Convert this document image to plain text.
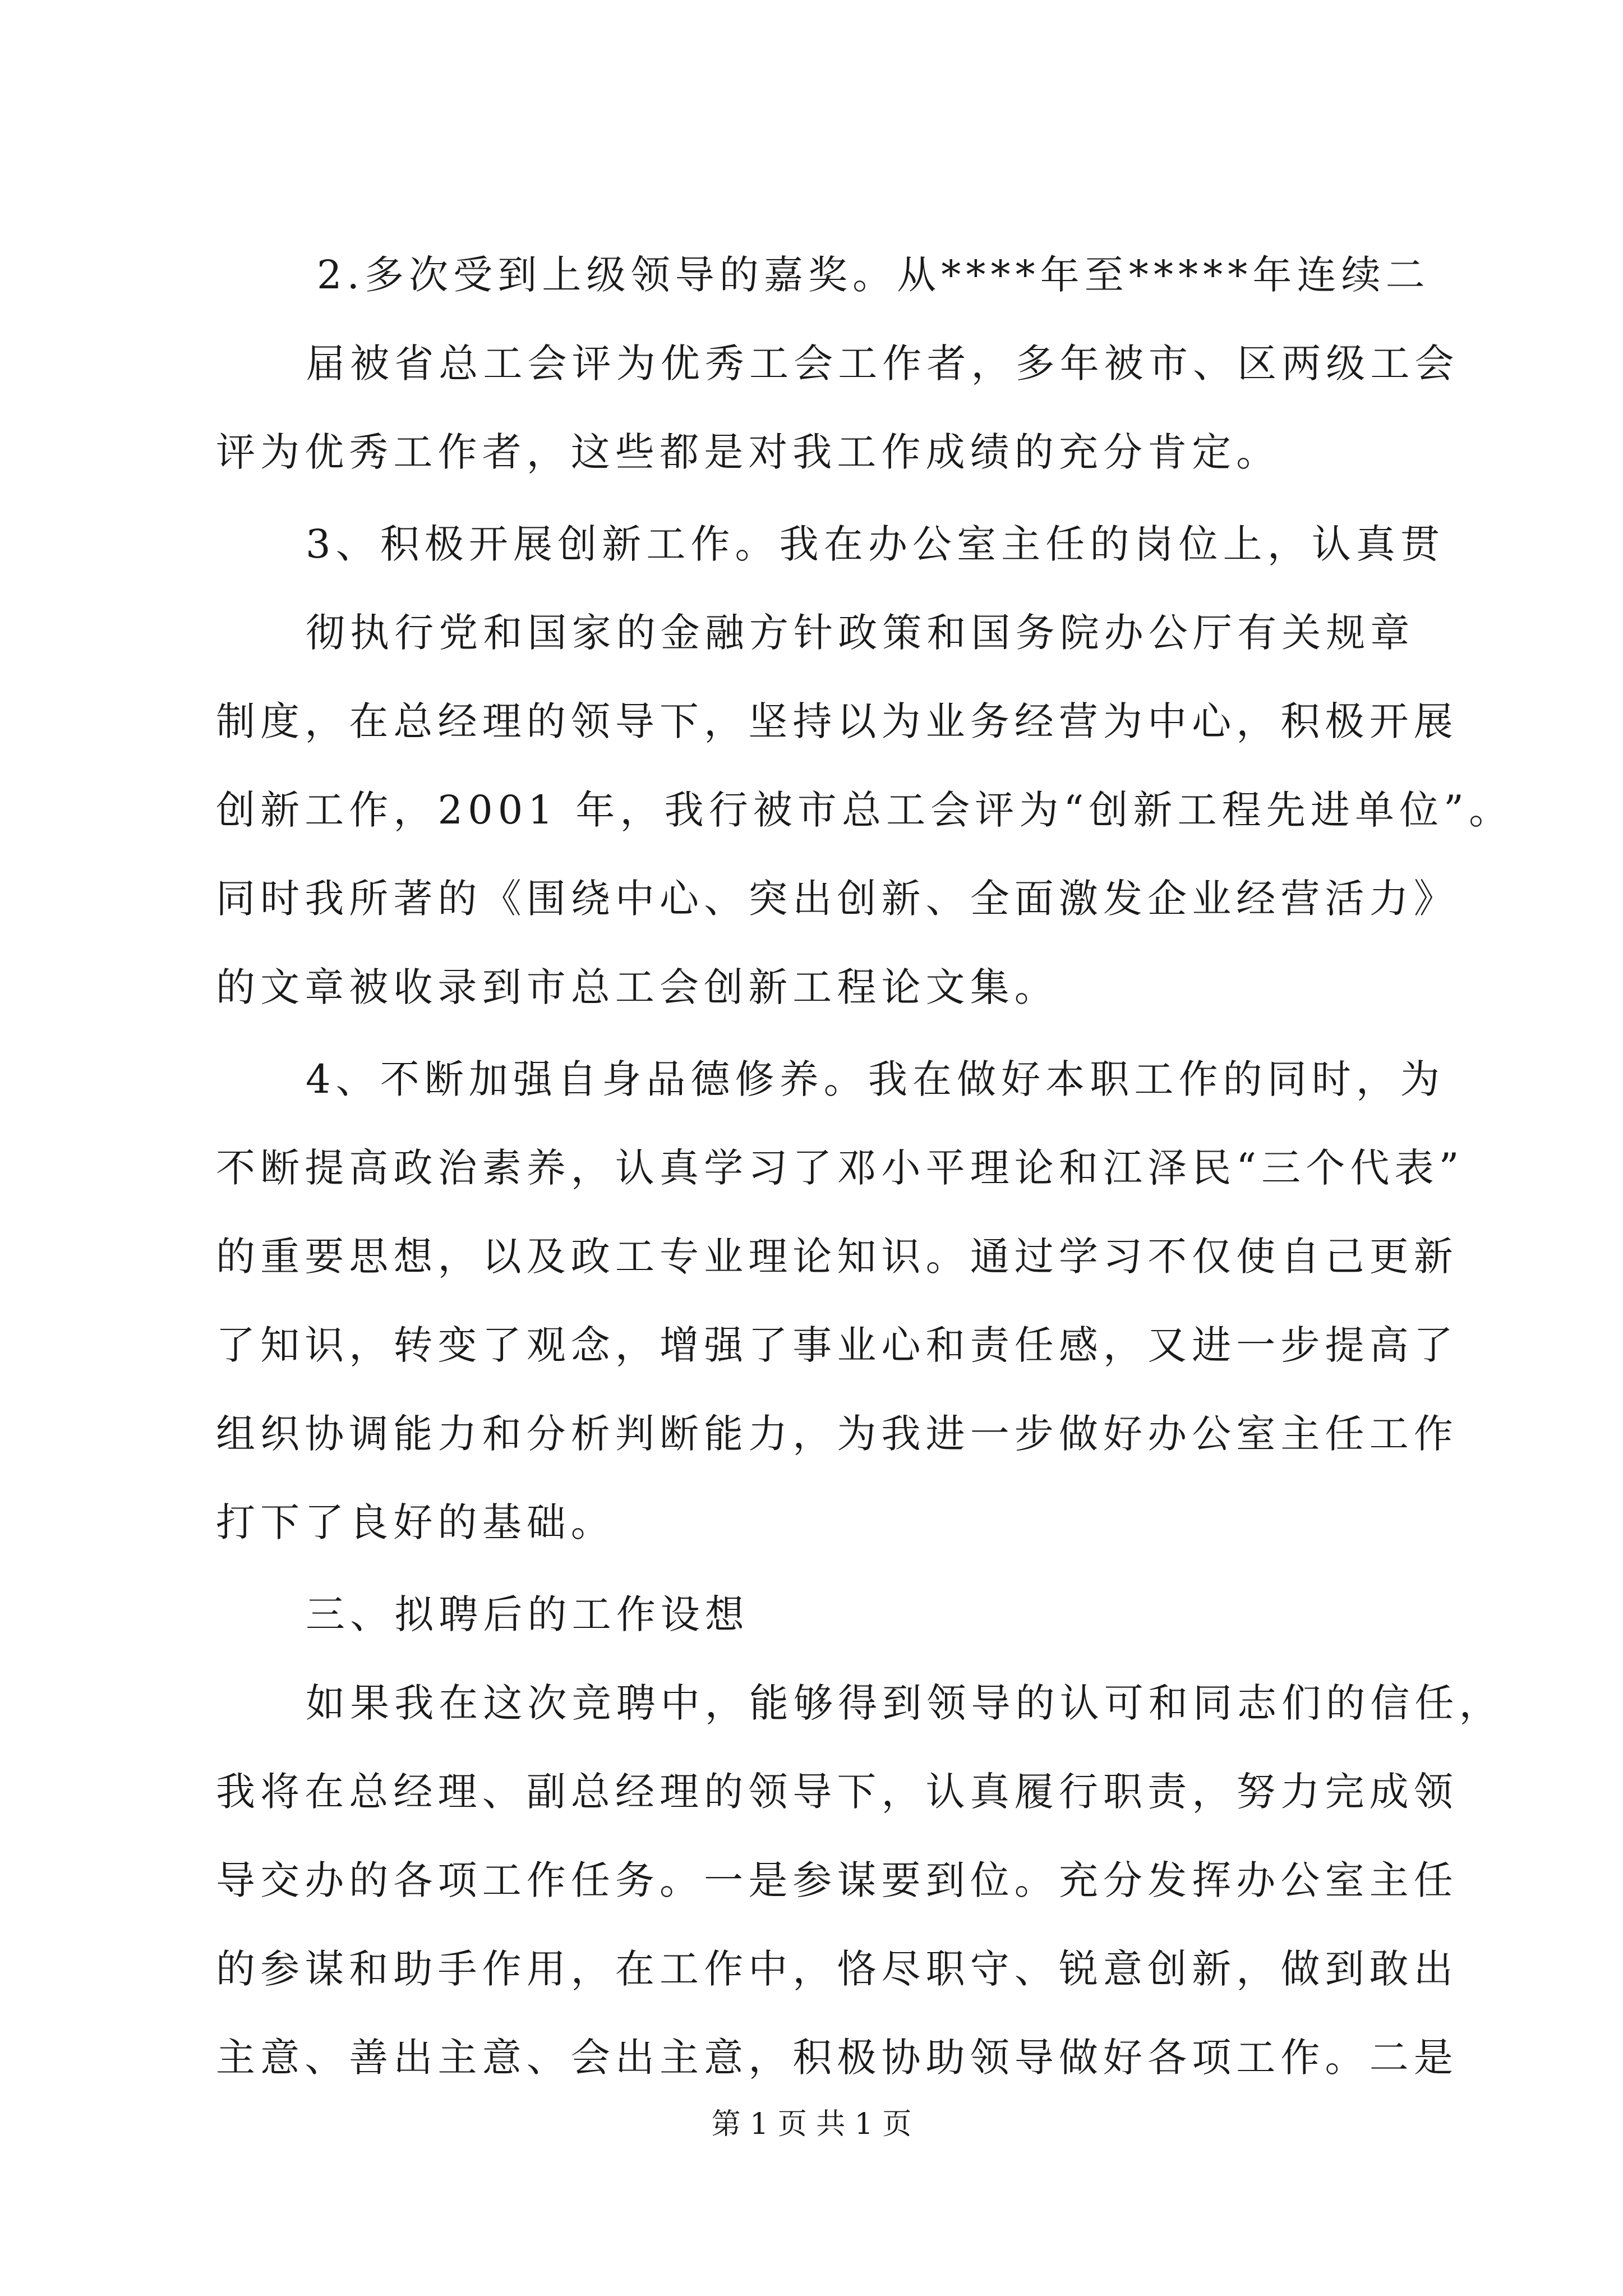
2.多次受到上级领导的嘉奖。从****年至*****年连续二
届被省总工会评为优秀工会工作者，多年被市、区两级工会
评为优秀工作者，这些都是对我工作成绩的充分肯定。
3、积极开展创新工作。我在办公室主任的岗位上，认真贯
彻执行党和国家的金融方针政策和国务院办公厅有关规章
制度，在总经理的领导下，坚持以为业务经营为中心，积极开展
创新工作，2001 年，我行被市总工会评为“创新工程先进单位”。
同时我所著的《围绕中心、突出创新、全面激发企业经营活力》
的文章被收录到市总工会创新工程论文集。
4、不断加强自身品德修养。我在做好本职工作的同时，为
不断提高政治素养，认真学习了邓小平理论和江泽民“三个代表”
的重要思想，以及政工专业理论知识。通过学习不仅使自己更新
了知识，转变了观念，增强了事业心和责任感，又进一步提高了
组织协调能力和分析判断能力，为我进一步做好办公室主任工作
打下了良好的基础。
三、拟聘后的工作设想
如果我在这次竞聘中，能够得到领导的认可和同志们的信任，
我将在总经理、副总经理的领导下，认真履行职责，努力完成领
导交办的各项工作任务。一是参谋要到位。充分发挥办公室主任
的参谋和助手作用，在工作中，恪尽职守、锐意创新，做到敢出
主意、善出主意、会出主意，积极协助领导做好各项工作。二是
第 1 页 共 1 页
